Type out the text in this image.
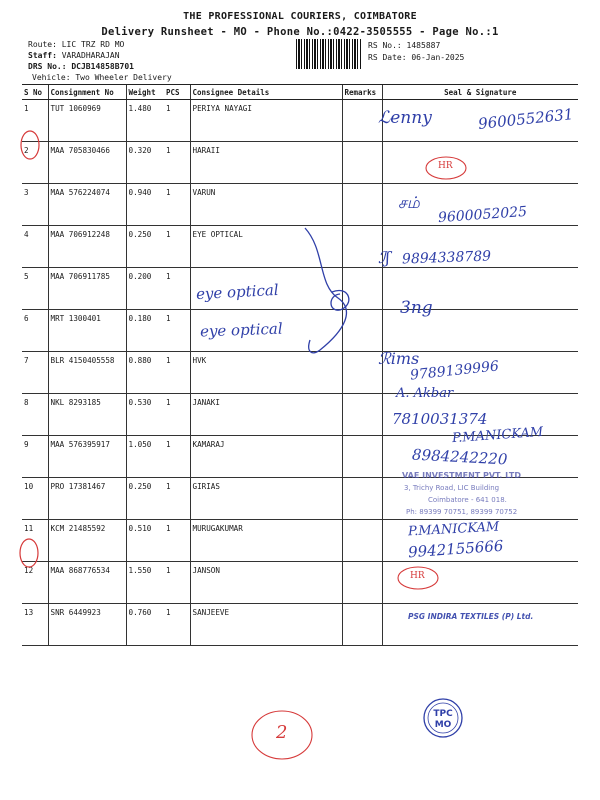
THE PROFESSIONAL COURIERS, COIMBATORE
Delivery Runsheet - MO - Phone No.:0422-3505555 - Page No.:1
Route: LIC TRZ RD MO
Staff: VARADHARAJAN
DRS No.: DCJB14858B701
Vehicle: Two Wheeler Delivery
RS No.: 1485887
RS Date: 06-Jan-2025
S No	Consignment No	Weight	PCS	Consignee Details	Remarks	Seal & Signature
1	TUT 1060969	1.480	1	PERIYA NAYAGI		
2	MAA 705830466	0.320	1	HARAII		
3	MAA 576224074	0.940	1	VARUN		
4	MAA 706912248	0.250	1	EYE OPTICAL		
5	MAA 706911785	0.200	1			
6	MRT 1300401	0.180	1			
7	BLR 4150405558	0.880	1	HVK		
8	NKL 8293185	0.530	1	JANAKI		
9	MAA 576395917	1.050	1	KAMARAJ		
10	PRO 17381467	0.250	1	GIRIAS		
11	KCM 21485592	0.510	1	MURUGAKUMAR		
12	MAA 868776534	1.550	1	JANSON		
13	SNR 6449923	0.760	1	SANJEEVE		
TPC
MO
ℒenny	9600552631
HR
சம்
9600052025
ℐʃ 9894338789
eye optical
eye optical
3ng
ℛims
9789139996
A. Akbar
7810031374
P.MANICKAM
8984242220
P.MANICKAM
9942155666
HR
2
VAE INVESTMENT PVT. LTD
3, Trichy Road, LIC Building
Coimbatore - 641 018.
Ph: 89399 70751, 89399 70752
PSG INDIRA TEXTILES (P) Ltd.
